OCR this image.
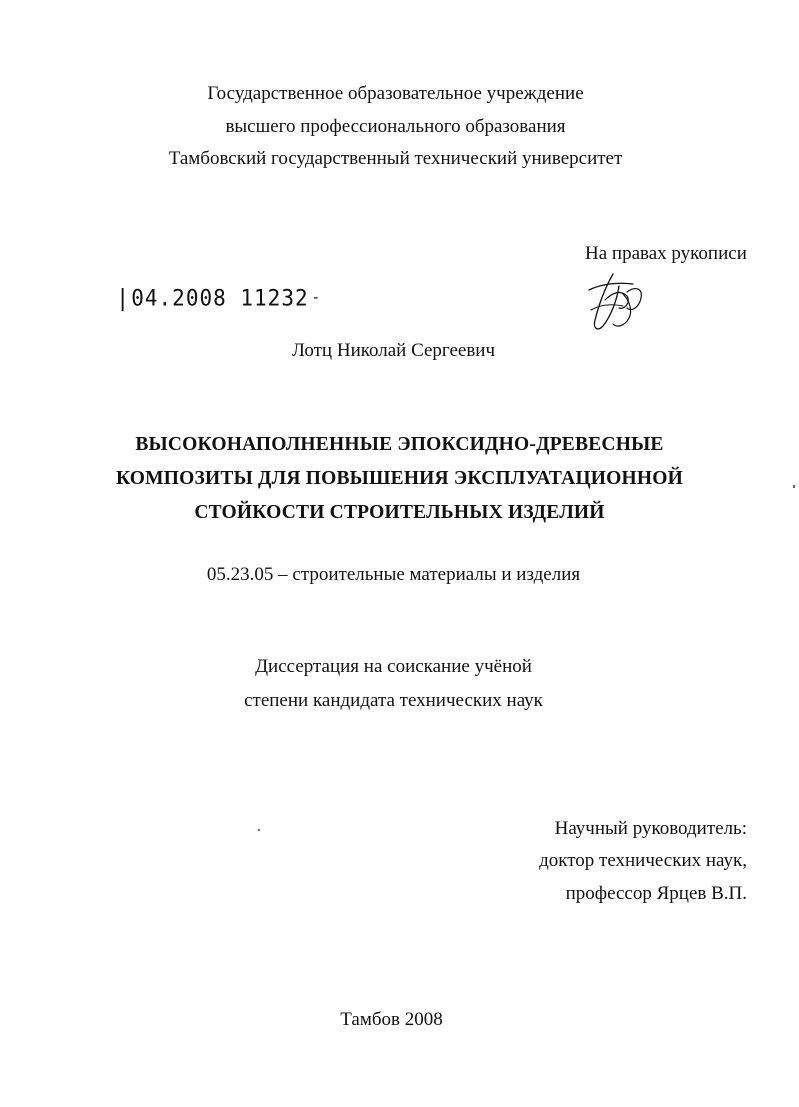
Государственное образовательное учреждение
высшего профессионального образования
Тамбовский государственный технический университет
На правах рукописи
|04.2008 11232 -
Лотц Николай Сергеевич
ВЫСОКОНАПОЛНЕННЫЕ ЭПОКСИДНО-ДРЕВЕСНЫЕ
КОМПОЗИТЫ ДЛЯ ПОВЫШЕНИЯ ЭКСПЛУАТАЦИОННОЙ
СТОЙКОСТИ СТРОИТЕЛЬНЫХ ИЗДЕЛИЙ
05.23.05 – строительные материалы и изделия
Диссертация на соискание учёной
степени кандидата технических наук
Научный руководитель:
доктор технических наук,
профессор Ярцев В.П.
Тамбов 2008
